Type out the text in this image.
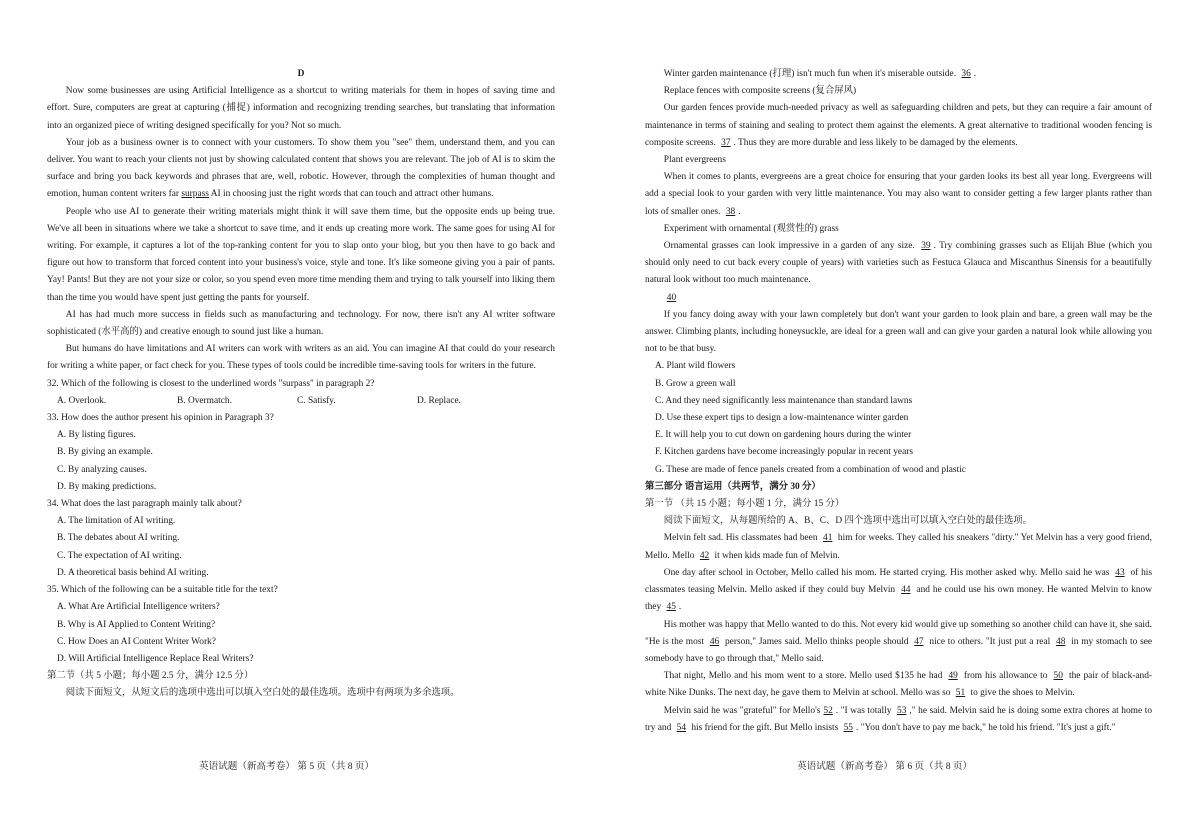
D

Now some businesses are using Artificial Intelligence as a shortcut to writing materials for them in hopes of saving time and effort. Sure, computers are great at capturing (捕捉) information and recognizing trending searches, but translating that information into an organized piece of writing designed specifically for you? Not so much.

Your job as a business owner is to connect with your customers. To show them you "see" them, understand them, and you can deliver. You want to reach your clients not just by showing calculated content that shows you are relevant. The job of AI is to skim the surface and bring you back keywords and phrases that are, well, robotic. However, through the complexities of human thought and emotion, human content writers far surpass AI in choosing just the right words that can touch and attract other humans.

People who use AI to generate their writing materials might think it will save them time, but the opposite ends up being true. We've all been in situations where we take a shortcut to save time, and it ends up creating more work. The same goes for using AI for writing. For example, it captures a lot of the top-ranking content for you to slap onto your blog, but you then have to go back and figure out how to transform that forced content into your business's voice, style and tone. It's like someone giving you a pair of pants. Yay! Pants! But they are not your size or color, so you spend even more time mending them and trying to talk yourself into liking them than the time you would have spent just getting the pants for yourself.

AI has had much more success in fields such as manufacturing and technology. For now, there isn't any AI writer software sophisticated (水平高的) and creative enough to sound just like a human.

But humans do have limitations and AI writers can work with writers as an aid. You can imagine AI that could do your research for writing a white paper, or fact check for you. These types of tools could be incredible time-saving tools for writers in the future.

32. Which of the following is closest to the underlined words "surpass" in paragraph 2?

A. Overlook.	B. Overmatch.	C. Satisfy.	D. Replace.

33. How does the author present his opinion in Paragraph 3?

A. By listing figures.

B. By giving an example.

C. By analyzing causes.

D. By making predictions.

34. What does the last paragraph mainly talk about?

A. The limitation of AI writing.

B. The debates about AI writing.

C. The expectation of AI writing.

D. A theoretical basis behind AI writing.

35. Which of the following can be a suitable title for the text?

A. What Are Artificial Intelligence writers?

B. Why is AI Applied to Content Writing?

C. How Does an AI Content Writer Work?

D. Will Artificial Intelligence Replace Real Writers?

第二节（共 5 小题；每小题 2.5 分，满分 12.5 分）

阅读下面短文，从短文后的选项中选出可以填入空白处的最佳选项。选项中有两项为多余选项。

Winter garden maintenance (打理) isn't much fun when it's miserable outside. 36 .

Replace fences with composite screens (复合屏风)

Our garden fences provide much-needed privacy as well as safeguarding children and pets, but they can require a fair amount of maintenance in terms of staining and sealing to protect them against the elements. A great alternative to traditional wooden fencing is composite screens. 37 . Thus they are more durable and less likely to be damaged by the elements.

Plant evergreens

When it comes to plants, evergreens are a great choice for ensuring that your garden looks its best all year long. Evergreens will add a special look to your garden with very little maintenance. You may also want to consider getting a few larger plants rather than lots of smaller ones. 38 .

Experiment with ornamental (观赏性的) grass

Ornamental grasses can look impressive in a garden of any size. 39 . Try combining grasses such as Elijah Blue (which you should only need to cut back every couple of years) with varieties such as Festuca Glauca and Miscanthus Sinensis for a beautifully natural look without too much maintenance.

40

If you fancy doing away with your lawn completely but don't want your garden to look plain and bare, a green wall may be the answer. Climbing plants, including honeysuckle, are ideal for a green wall and can give your garden a natural look while allowing you not to be that busy.

A. Plant wild flowers

B. Grow a green wall

C. And they need significantly less maintenance than standard lawns

D. Use these expert tips to design a low-maintenance winter garden

E. It will help you to cut down on gardening hours during the winter

F. Kitchen gardens have become increasingly popular in recent years

G. These are made of fence panels created from a combination of wood and plastic

第三部分 语言运用（共两节，满分 30 分）

第一节 （共 15 小题；每小题 1 分，满分 15 分）

阅读下面短文，从每题所给的 A、B、C、D 四个选项中选出可以填入空白处的最佳选项。

Melvin felt sad. His classmates had been 41 him for weeks. They called his sneakers "dirty." Yet Melvin has a very good friend, Mello. Mello 42 it when kids made fun of Melvin.

One day after school in October, Mello called his mom. He started crying. His mother asked why. Mello said he was 43 of his classmates teasing Melvin. Mello asked if they could buy Melvin 44 and he could use his own money. He wanted Melvin to know they 45 .

His mother was happy that Mello wanted to do this. Not every kid would give up something so another child can have it, she said. "He is the most 46 person," James said. Mello thinks people should 47 nice to others. "It just put a real 48 in my stomach to see somebody have to go through that," Mello said.

That night, Mello and his mom went to a store. Mello used $135 he had 49 from his allowance to 50 the pair of black-and-white Nike Dunks. The next day, he gave them to Melvin at school. Mello was so 51 to give the shoes to Melvin.

Melvin said he was "grateful" for Mello's 52 . "I was totally 53 ," he said. Melvin said he is doing some extra chores at home to try and 54 his friend for the gift. But Mello insists 55 . "You don't have to pay me back," he told his friend. "It's just a gift."

英语试题（新高考卷） 第 5 页（共 8 页）	英语试题（新高考卷） 第 6 页（共 8 页）
